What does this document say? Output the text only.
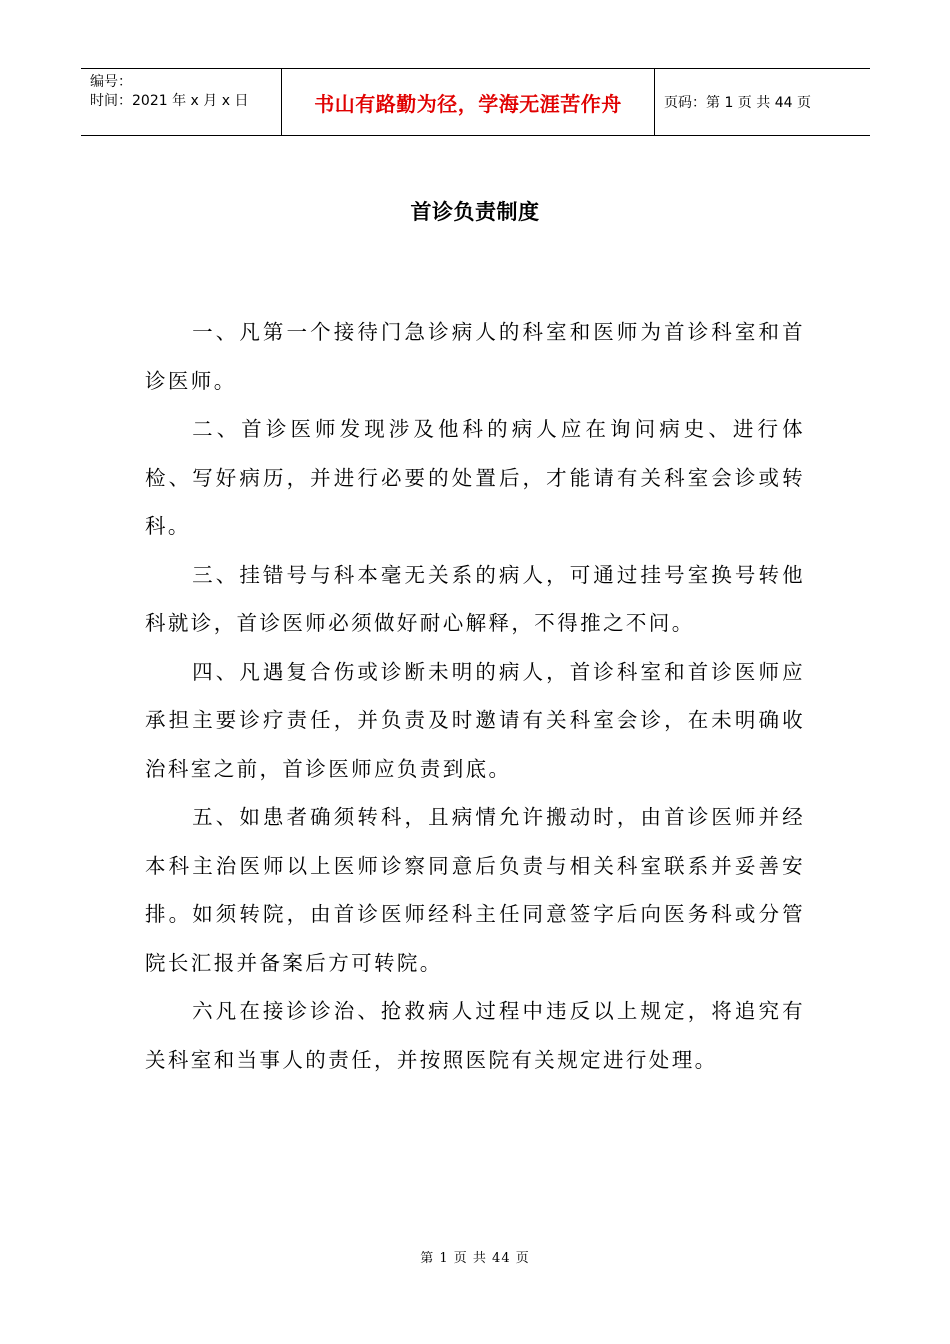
编号：
时间：2021 年 x 月 x 日	书山有路勤为径，学海无涯苦作舟	页码：第 1 页 共 44 页
首诊负责制度

一、凡第一个接待门急诊病人的科室和医师为首诊科室和首诊医师。

二、首诊医师发现涉及他科的病人应在询问病史、进行体检、写好病历，并进行必要的处置后，才能请有关科室会诊或转科。

三、挂错号与科本毫无关系的病人，可通过挂号室换号转他科就诊，首诊医师必须做好耐心解释，不得推之不问。

四、凡遇复合伤或诊断未明的病人，首诊科室和首诊医师应承担主要诊疗责任，并负责及时邀请有关科室会诊，在未明确收治科室之前，首诊医师应负责到底。

五、如患者确须转科，且病情允许搬动时，由首诊医师并经本科主治医师以上医师诊察同意后负责与相关科室联系并妥善安排。如须转院，由首诊医师经科主任同意签字后向医务科或分管院长汇报并备案后方可转院。

六凡在接诊诊治、抢救病人过程中违反以上规定，将追究有关科室和当事人的责任，并按照医院有关规定进行处理。

第 1 页 共 44 页
